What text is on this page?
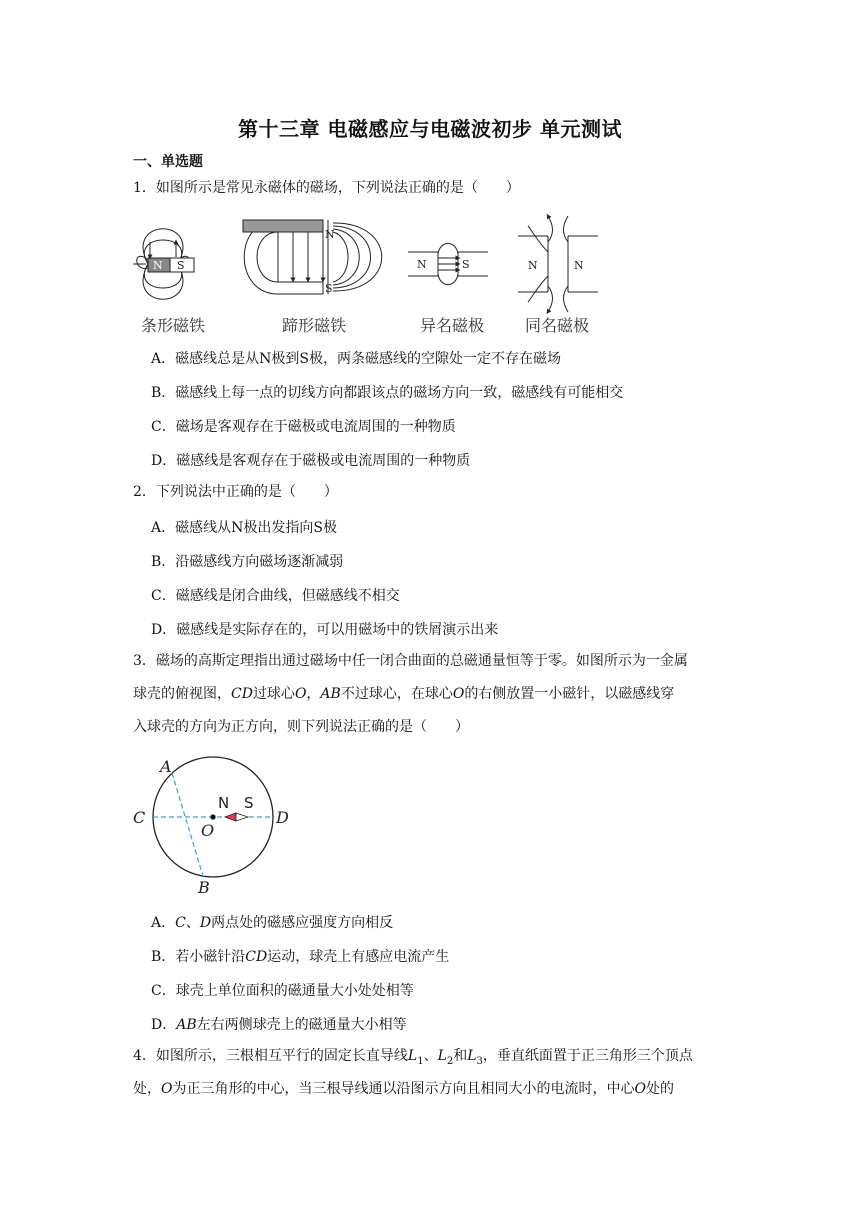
第十三章 电磁感应与电磁波初步 单元测试
一、单选题
1．如图所示是常见永磁体的磁场，下列说法正确的是（　　）
N S
N
S
N	S	N	N
条形磁铁	蹄形磁铁	异名磁极	同名磁极
A．磁感线总是从N极到S极，两条磁感线的空隙处一定不存在磁场
B．磁感线上每一点的切线方向都跟该点的磁场方向一致，磁感线有可能相交
C．磁场是客观存在于磁极或电流周围的一种物质
D．磁感线是客观存在于磁极或电流周围的一种物质
2．下列说法中正确的是（　　）
A．磁感线从N极出发指向S极
B．沿磁感线方向磁场逐渐减弱
C．磁感线是闭合曲线，但磁感线不相交
D．磁感线是实际存在的，可以用磁场中的铁屑演示出来
3．磁场的高斯定理指出通过磁场中任一闭合曲面的总磁通量恒等于零。如图所示为一金属
球壳的俯视图，CD过球心O，AB不过球心，在球心O的右侧放置一小磁针，以磁感线穿
入球壳的方向为正方向，则下列说法正确的是（　　）
A
B
C	D
O
N S
A．C、D两点处的磁感应强度方向相反
B．若小磁针沿CD运动，球壳上有感应电流产生
C．球壳上单位面积的磁通量大小处处相等
D．AB左右两侧球壳上的磁通量大小相等
4．如图所示，三根相互平行的固定长直导线$L_1$、$L_2$和$L_3$，垂直纸面置于正三角形三个顶点
处，O为正三角形的中心，当三根导线通以沿图示方向且相同大小的电流时，中心O处的
